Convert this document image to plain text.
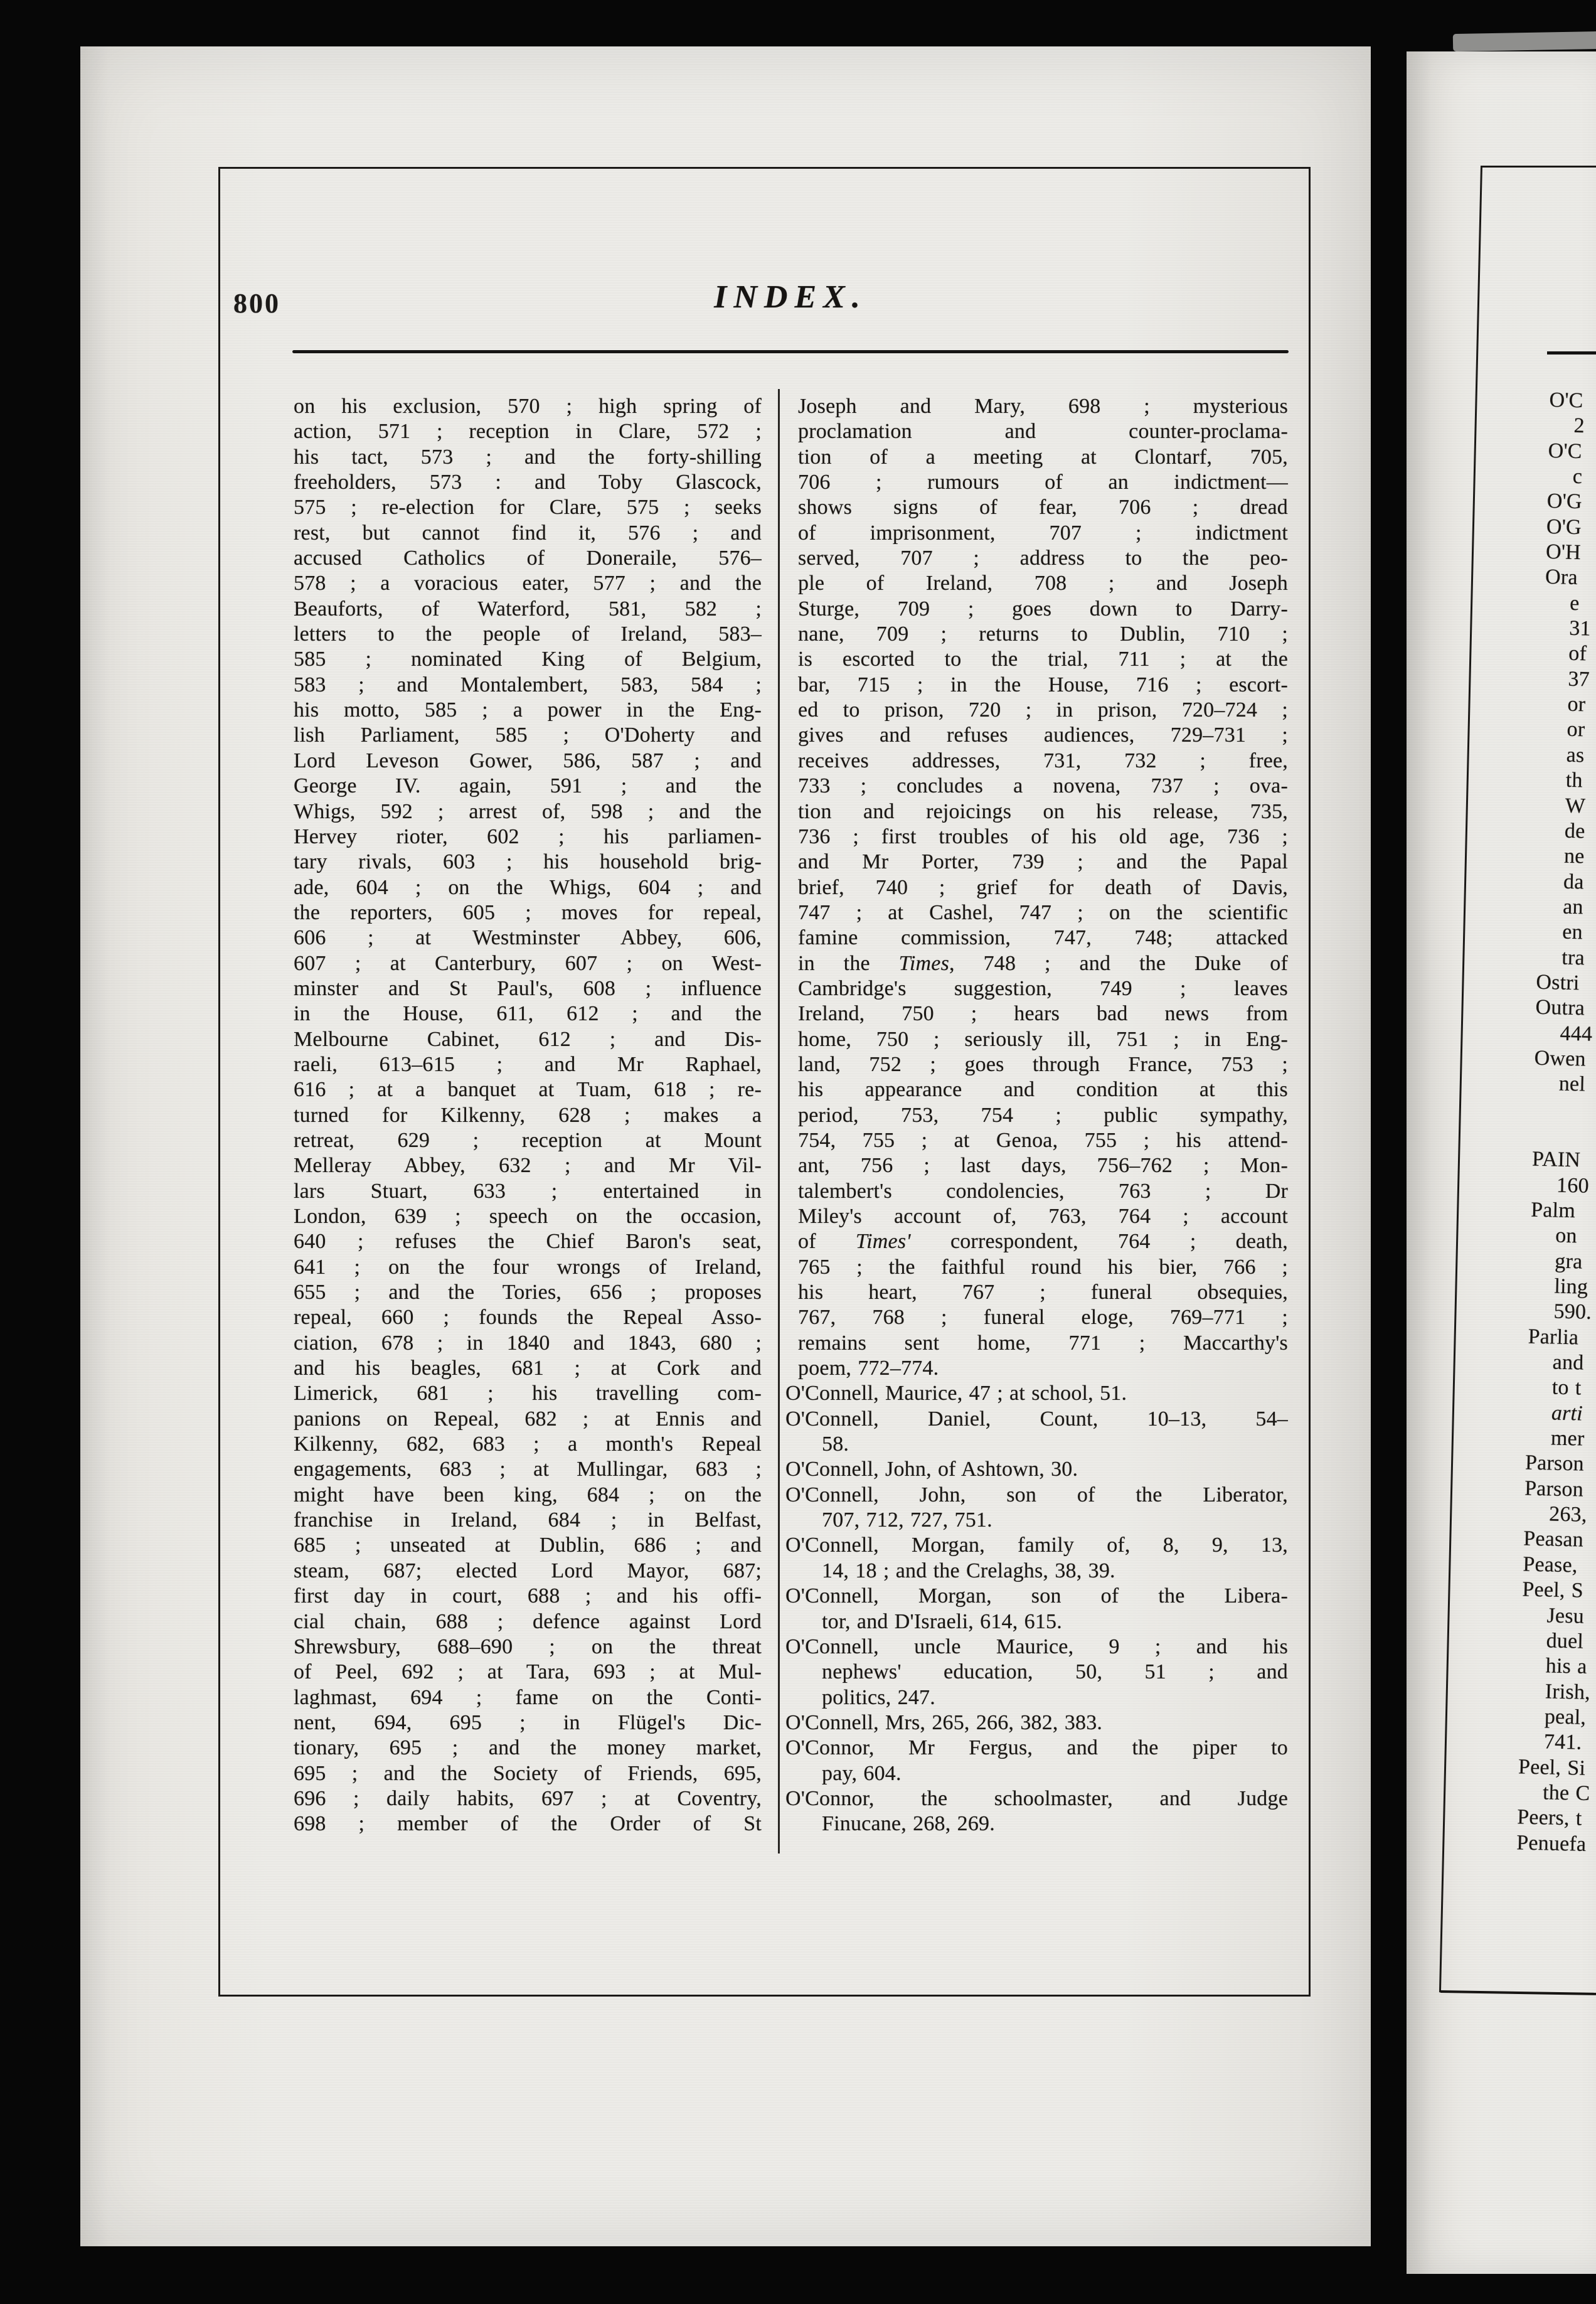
800	INDEX.
on his exclusion, 570 ; high spring of
action, 571 ; reception in Clare, 572 ;
his tact, 573 ; and the forty-shilling
freeholders, 573 : and Toby Glascock,
575 ; re-election for Clare, 575 ; seeks
rest, but cannot find it, 576 ; and
accused Catholics of Doneraile, 576–
578 ; a voracious eater, 577 ; and the
Beauforts, of Waterford, 581, 582 ;
letters to the people of Ireland, 583–
585 ; nominated King of Belgium,
583 ; and Montalembert, 583, 584 ;
his motto, 585 ; a power in the Eng-
lish Parliament, 585 ; O'Doherty and
Lord Leveson Gower, 586, 587 ; and
George IV. again, 591 ; and the
Whigs, 592 ; arrest of, 598 ; and the
Hervey rioter, 602 ; his parliamen-
tary rivals, 603 ; his household brig-
ade, 604 ; on the Whigs, 604 ; and
the reporters, 605 ; moves for repeal,
606 ; at Westminster Abbey, 606,
607 ; at Canterbury, 607 ; on West-
minster and St Paul's, 608 ; influence
in the House, 611, 612 ; and the
Melbourne Cabinet, 612 ; and Dis-
raeli, 613–615 ; and Mr Raphael,
616 ; at a banquet at Tuam, 618 ; re-
turned for Kilkenny, 628 ; makes a
retreat, 629 ; reception at Mount
Melleray Abbey, 632 ; and Mr Vil-
lars Stuart, 633 ; entertained in
London, 639 ; speech on the occasion,
640 ; refuses the Chief Baron's seat,
641 ; on the four wrongs of Ireland,
655 ; and the Tories, 656 ; proposes
repeal, 660 ; founds the Repeal Asso-
ciation, 678 ; in 1840 and 1843, 680 ;
and his beagles, 681 ; at Cork and
Limerick, 681 ; his travelling com-
panions on Repeal, 682 ; at Ennis and
Kilkenny, 682, 683 ; a month's Repeal
engagements, 683 ; at Mullingar, 683 ;
might have been king, 684 ; on the
franchise in Ireland, 684 ; in Belfast,
685 ; unseated at Dublin, 686 ; and
steam, 687; elected Lord Mayor, 687;
first day in court, 688 ; and his offi-
cial chain, 688 ; defence against Lord
Shrewsbury, 688–690 ; on the threat
of Peel, 692 ; at Tara, 693 ; at Mul-
laghmast, 694 ; fame on the Conti-
nent, 694, 695 ; in Flügel's Dic-
tionary, 695 ; and the money market,
695 ; and the Society of Friends, 695,
696 ; daily habits, 697 ; at Coventry,
698 ; member of the Order of St
Joseph and Mary, 698 ; mysterious
proclamation and counter-proclama-
tion of a meeting at Clontarf, 705,
706 ; rumours of an indictment—
shows signs of fear, 706 ; dread
of imprisonment, 707 ; indictment
served, 707 ; address to the peo-
ple of Ireland, 708 ; and Joseph
Sturge, 709 ; goes down to Darry-
nane, 709 ; returns to Dublin, 710 ;
is escorted to the trial, 711 ; at the
bar, 715 ; in the House, 716 ; escort-
ed to prison, 720 ; in prison, 720–724 ;
gives and refuses audiences, 729–731 ;
receives addresses, 731, 732 ; free,
733 ; concludes a novena, 737 ; ova-
tion and rejoicings on his release, 735,
736 ; first troubles of his old age, 736 ;
and Mr Porter, 739 ; and the Papal
brief, 740 ; grief for death of Davis,
747 ; at Cashel, 747 ; on the scientific
famine commission, 747, 748; attacked
in the Times, 748 ; and the Duke of
Cambridge's suggestion, 749 ; leaves
Ireland, 750 ; hears bad news from
home, 750 ; seriously ill, 751 ; in Eng-
land, 752 ; goes through France, 753 ;
his appearance and condition at this
period, 753, 754 ; public sympathy,
754, 755 ; at Genoa, 755 ; his attend-
ant, 756 ; last days, 756–762 ; Mon-
talembert's condolencies, 763 ; Dr
Miley's account of, 763, 764 ; account
of Times' correspondent, 764 ; death,
765 ; the faithful round his bier, 766 ;
his heart, 767 ; funeral obsequies,
767, 768 ; funeral eloge, 769–771 ;
remains sent home, 771 ; Maccarthy's
poem, 772–774.
O'Connell, Maurice, 47 ; at school, 51.
O'Connell, Daniel, Count, 10–13, 54–
58.
O'Connell, John, of Ashtown, 30.
O'Connell, John, son of the Liberator,
707, 712, 727, 751.
O'Connell, Morgan, family of, 8, 9, 13,
14, 18 ; and the Crelaghs, 38, 39.
O'Connell, Morgan, son of the Libera-
tor, and D'Israeli, 614, 615.
O'Connell, uncle Maurice, 9 ; and his
nephews' education, 50, 51 ; and
politics, 247.
O'Connell, Mrs, 265, 266, 382, 383.
O'Connor, Mr Fergus, and the piper to
pay, 604.
O'Connor, the schoolmaster, and Judge
Finucane, 268, 269.
O'C
2
O'C
c
O'G
O'G
O'H
Ora
e
31
of
37
or
or
as
th
W
de
ne
da
an
en
tra
Ostri
Outra
444
Owen
nel
PAIN
160
Palm
on
gra
ling
590.
Parlia
and
to t
arti
mer
Parson
Parson
263,
Peasan
Pease,
Peel, S
Jesu
duel
his a
Irish,
peal,
741.
Peel, Si
the C
Peers, t
Penuefa
